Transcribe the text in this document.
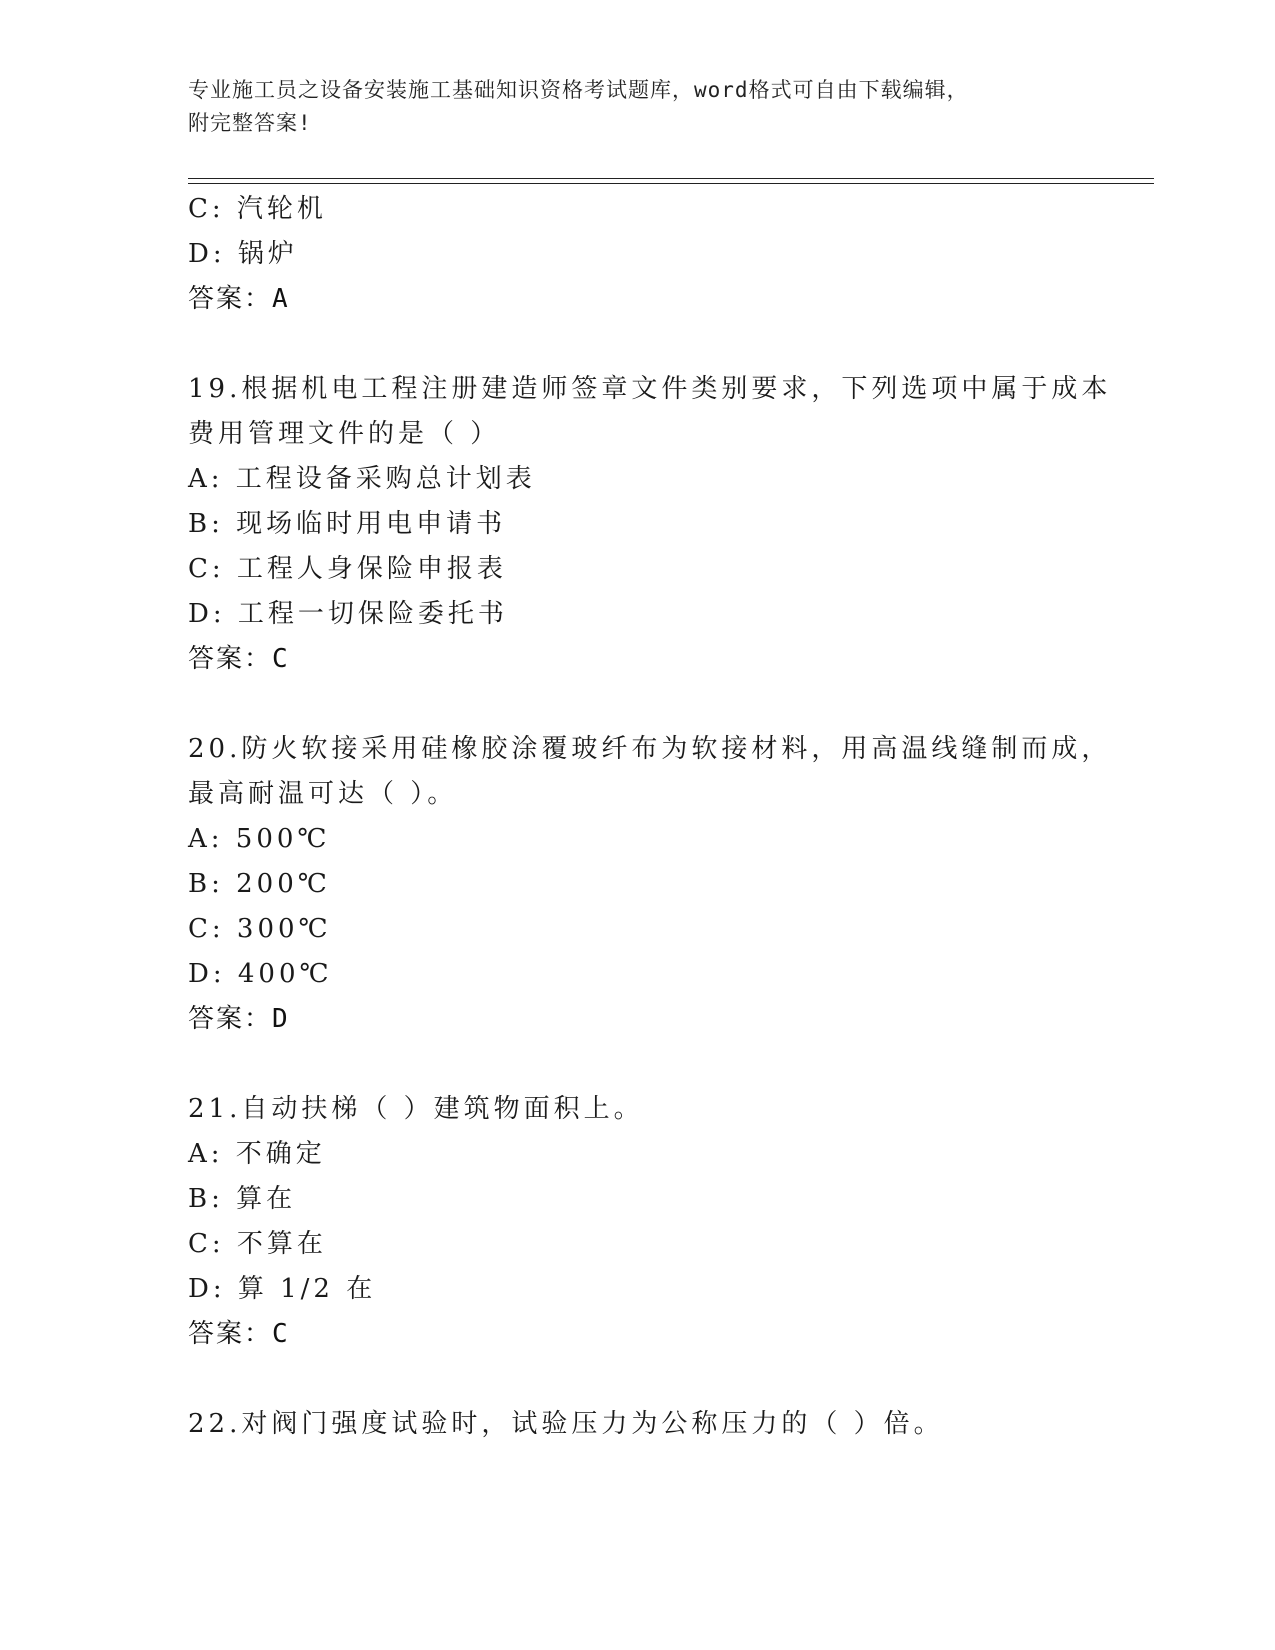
专业施工员之设备安装施工基础知识资格考试题库，word格式可自由下载编辑，
附完整答案!
C: 汽轮机
D: 锅炉
答案：A
19.根据机电工程注册建造师签章文件类别要求，下列选项中属于成本
费用管理文件的是（ ）
A: 工程设备采购总计划表
B: 现场临时用电申请书
C: 工程人身保险申报表
D: 工程一切保险委托书
答案：C
20.防火软接采用硅橡胶涂覆玻纤布为软接材料，用高温线缝制而成，
最高耐温可达（ ）。
A: 500℃
B: 200℃
C: 300℃
D: 400℃
答案：D
21.自动扶梯（ ）建筑物面积上。
A: 不确定
B: 算在
C: 不算在
D: 算 1/2 在
答案：C
22.对阀门强度试验时，试验压力为公称压力的（ ）倍。
